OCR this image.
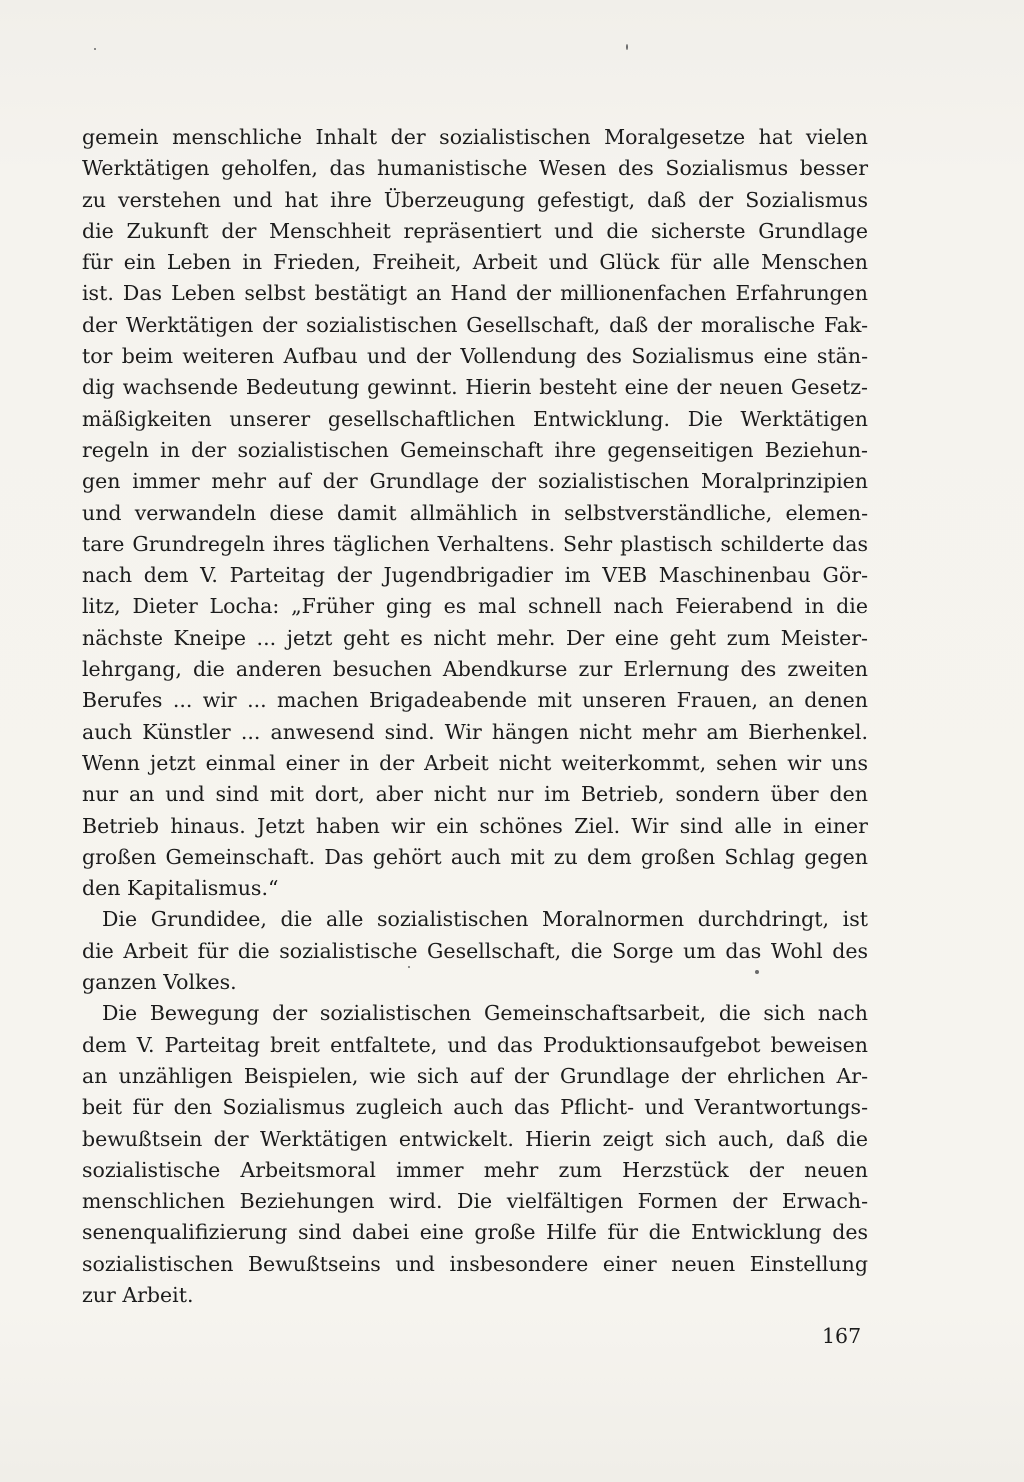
gemein menschliche Inhalt der sozialistischen Moralgesetze hat vielen
Werktätigen geholfen, das humanistische Wesen des Sozialismus besser
zu verstehen und hat ihre Überzeugung gefestigt, daß der Sozialismus
die Zukunft der Menschheit repräsentiert und die sicherste Grundlage
für ein Leben in Frieden, Freiheit, Arbeit und Glück für alle Menschen
ist. Das Leben selbst bestätigt an Hand der millionenfachen Erfahrungen
der Werktätigen der sozialistischen Gesellschaft, daß der moralische Fak-
tor beim weiteren Aufbau und der Vollendung des Sozialismus eine stän-
dig wachsende Bedeutung gewinnt. Hierin besteht eine der neuen Gesetz-
mäßigkeiten unserer gesellschaftlichen Entwicklung. Die Werktätigen
regeln in der sozialistischen Gemeinschaft ihre gegenseitigen Beziehun-
gen immer mehr auf der Grundlage der sozialistischen Moralprinzipien
und verwandeln diese damit allmählich in selbstverständliche, elemen-
tare Grundregeln ihres täglichen Verhaltens. Sehr plastisch schilderte das
nach dem V. Parteitag der Jugendbrigadier im VEB Maschinenbau Gör-
litz, Dieter Locha: „Früher ging es mal schnell nach Feierabend in die
nächste Kneipe ... jetzt geht es nicht mehr. Der eine geht zum Meister-
lehrgang, die anderen besuchen Abendkurse zur Erlernung des zweiten
Berufes ... wir ... machen Brigadeabende mit unseren Frauen, an denen
auch Künstler ... anwesend sind. Wir hängen nicht mehr am Bierhenkel.
Wenn jetzt einmal einer in der Arbeit nicht weiterkommt, sehen wir uns
nur an und sind mit dort, aber nicht nur im Betrieb, sondern über den
Betrieb hinaus. Jetzt haben wir ein schönes Ziel. Wir sind alle in einer
großen Gemeinschaft. Das gehört auch mit zu dem großen Schlag gegen
den Kapitalismus.“
Die Grundidee, die alle sozialistischen Moralnormen durchdringt, ist
die Arbeit für die sozialistische Gesellschaft, die Sorge um das Wohl des
ganzen Volkes.
Die Bewegung der sozialistischen Gemeinschaftsarbeit, die sich nach
dem V. Parteitag breit entfaltete, und das Produktionsaufgebot beweisen
an unzähligen Beispielen, wie sich auf der Grundlage der ehrlichen Ar-
beit für den Sozialismus zugleich auch das Pflicht- und Verantwortungs-
bewußtsein der Werktätigen entwickelt. Hierin zeigt sich auch, daß die
sozialistische Arbeitsmoral immer mehr zum Herzstück der neuen
menschlichen Beziehungen wird. Die vielfältigen Formen der Erwach-
senenqualifizierung sind dabei eine große Hilfe für die Entwicklung des
sozialistischen Bewußtseins und insbesondere einer neuen Einstellung
zur Arbeit.
167
